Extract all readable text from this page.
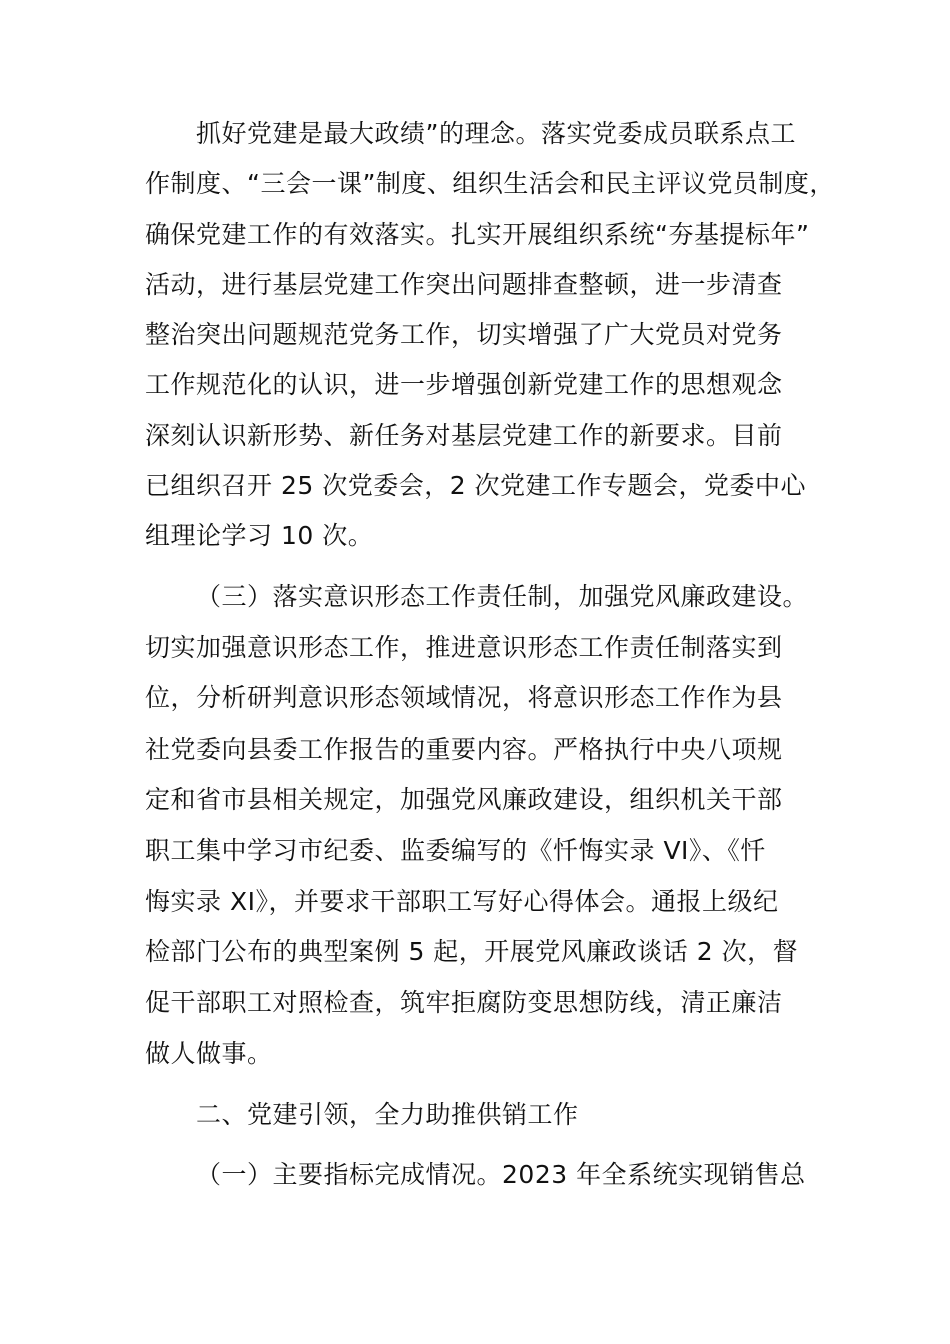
抓好党建是最大政绩”的理念。落实党委成员联系点工
作制度、“三会一课”制度、组织生活会和民主评议党员制度，
确保党建工作的有效落实。扎实开展组织系统“夯基提标年”
活动，进行基层党建工作突出问题排查整顿，进一步清查
整治突出问题规范党务工作，切实增强了广大党员对党务
工作规范化的认识，进一步增强创新党建工作的思想观念
深刻认识新形势、新任务对基层党建工作的新要求。目前
已组织召开 25 次党委会，2 次党建工作专题会，党委中心
组理论学习 10 次。
（三）落实意识形态工作责任制，加强党风廉政建设。
切实加强意识形态工作，推进意识形态工作责任制落实到
位，分析研判意识形态领域情况，将意识形态工作作为县
社党委向县委工作报告的重要内容。严格执行中央八项规
定和省市县相关规定，加强党风廉政建设，组织机关干部
职工集中学习市纪委、监委编写的《忏悔实录 VI》、《忏
悔实录 XI》，并要求干部职工写好心得体会。通报上级纪
检部门公布的典型案例 5 起，开展党风廉政谈话 2 次，督
促干部职工对照检查，筑牢拒腐防变思想防线，清正廉洁
做人做事。
二、党建引领，全力助推供销工作
（一）主要指标完成情况。2023 年全系统实现销售总
